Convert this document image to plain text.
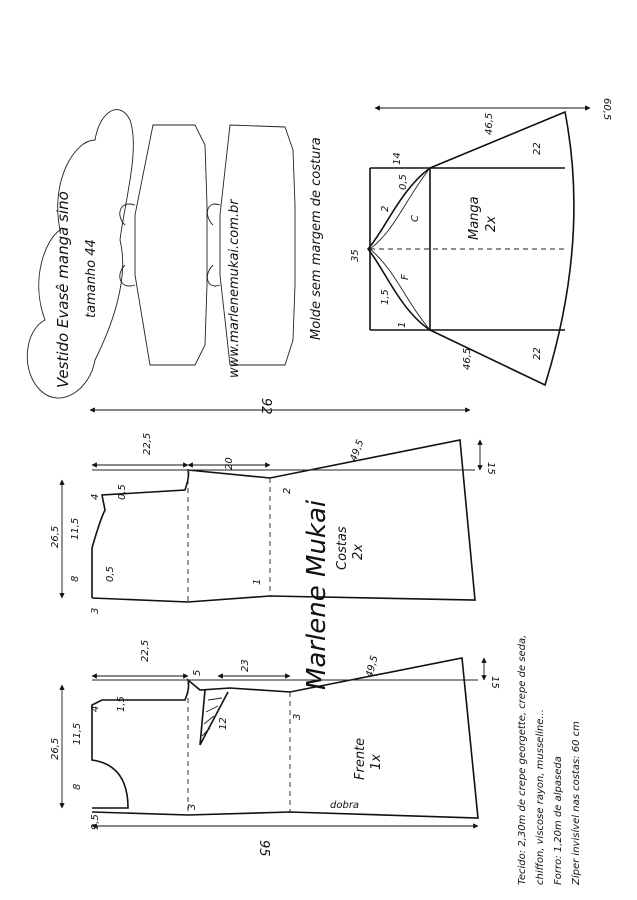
Vestido Evasê manga sino tamanho 44	Molde sem margem de costura
www.marlenemukai.com.br
60,5
46,5
46,5
22
22
14
35
0,5
2
1,5
1
C
F
Manga 2x
92
26,5 11,5
8
4 0,5
0,5
3
22,5
20
49,5
15
2
1
Costas 2x
Marlene Mukai
26,5
11,5
8
4 1,5
9,5
22,5
5
23
12
3
3
49,5
15
Frente 1x
dobra
95	Tecido: 2,30m de crepe georgette, crepe de seda, chiffon, viscose rayon, musseline... Forro: 1,20m de alpaseda Zíper invisível nas costas: 60 cm
